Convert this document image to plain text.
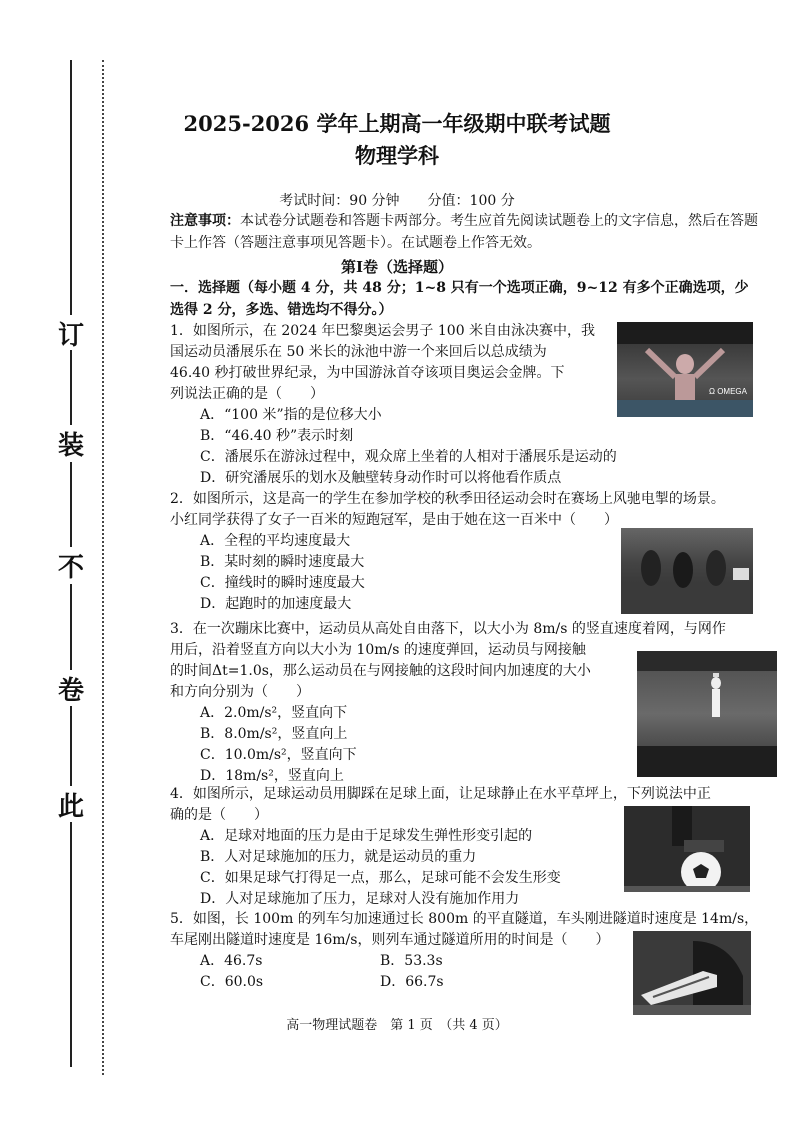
订
装
不
卷
此
2025-2026 学年上期高一年级期中联考试题
物理学科
考试时间：90 分钟　　分值：100 分
注意事项：本试卷分试题卷和答题卡两部分。考生应首先阅读试题卷上的文字信息，然后在答题卡上作答（答题注意事项见答题卡）。在试题卷上作答无效。
第Ⅰ卷（选择题）
一．选择题（每小题 4 分，共 48 分；1~8 只有一个选项正确，9~12 有多个正确选项，少选得 2 分，多选、错选均不得分。）

1．如图所示，在 2024 年巴黎奥运会男子 100 米自由泳决赛中，我

国运动员潘展乐在 50 米长的泳池中游一个来回后以总成绩为

46.40 秒打破世界纪录，为中国游泳首夺该项目奥运会金牌。下

列说法正确的是（　　）

A．“100 米”指的是位移大小

B．“46.40 秒”表示时刻

C．潘展乐在游泳过程中，观众席上坐着的人相对于潘展乐是运动的

D．研究潘展乐的划水及触壁转身动作时可以将他看作质点

Ω OMEGA

2．如图所示，这是高一的学生在参加学校的秋季田径运动会时在赛场上风驰电掣的场景。

小红同学获得了女子一百米的短跑冠军，是由于她在这一百米中（　　）

A．全程的平均速度最大

B．某时刻的瞬时速度最大

C．撞线时的瞬时速度最大

D．起跑时的加速度最大

3．在一次蹦床比赛中，运动员从高处自由落下，以大小为 8m/s 的竖直速度着网，与网作

用后，沿着竖直方向以大小为 10m/s 的速度弹回，运动员与网接触

的时间Δt=1.0s，那么运动员在与网接触的这段时间内加速度的大小

和方向分别为（　　）

A．2.0m/s²，竖直向下

B．8.0m/s²，竖直向上

C．10.0m/s²，竖直向下

D．18m/s²，竖直向上

4．如图所示，足球运动员用脚踩在足球上面，让足球静止在水平草坪上，下列说法中正

确的是（　　）

A．足球对地面的压力是由于足球发生弹性形变引起的

B．人对足球施加的压力，就是运动员的重力

C．如果足球气打得足一点，那么，足球可能不会发生形变

D．人对足球施加了压力，足球对人没有施加作用力

5．如图，长 100m 的列车匀加速通过长 800m 的平直隧道，车头刚进隧道时速度是 14m/s，

车尾刚出隧道时速度是 16m/s，则列车通过隧道所用的时间是（　　）

A．46.7s	B．53.3s

C．60.0s	D．66.7s

高一物理试题卷　第 1 页　（共 4 页）
